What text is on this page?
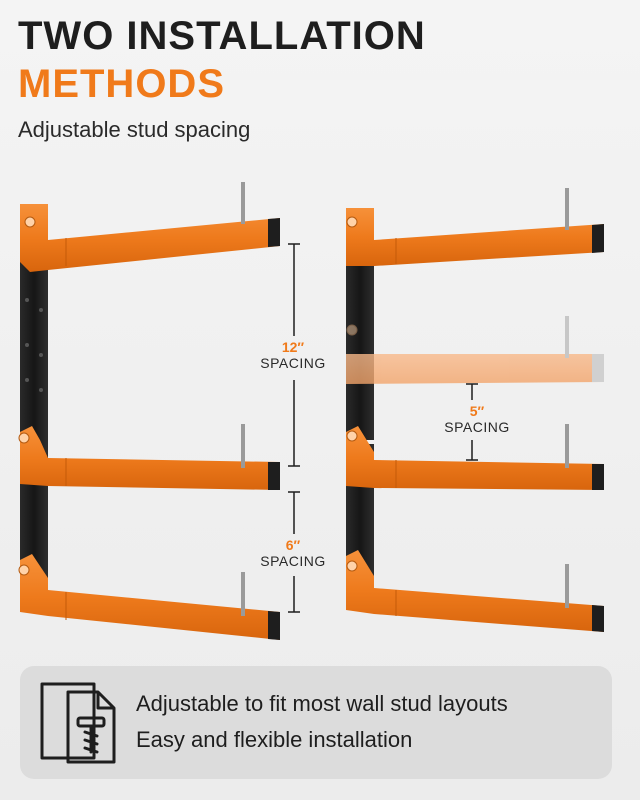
TWO INSTALLATION
METHODS
Adjustable stud spacing
12″
SPACING
6″
SPACING
5″
SPACING
Adjustable to fit most wall stud layouts
Easy and flexible installation
